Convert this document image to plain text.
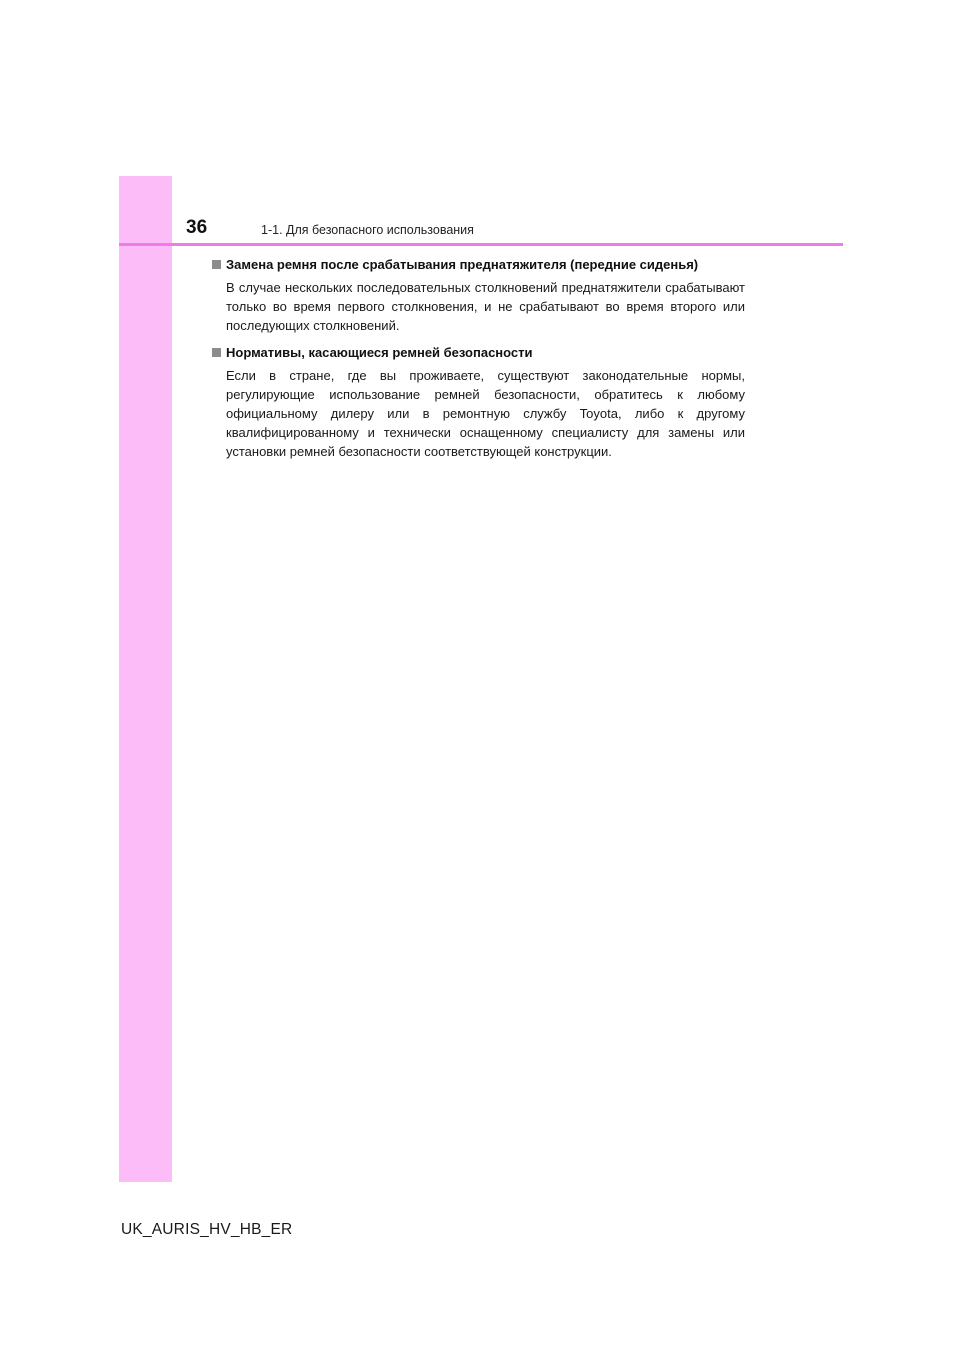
36	1-1. Для безопасного использования
Замена ремня после срабатывания преднатяжителя (передние сиденья)
В случае нескольких последовательных столкновений преднатяжители срабатывают только во время первого столкновения, и не срабатывают во время второго или последующих столкновений.
Нормативы, касающиеся ремней безопасности
Если в стране, где вы проживаете, существуют законодательные нормы, регулирующие использование ремней безопасности, обратитесь к любому официальному дилеру или в ремонтную службу Toyota, либо к другому квалифицированному и технически оснащенному специалисту для замены или установки ремней безопасности соответствующей конструкции.
UK_AURIS_HV_HB_ER
